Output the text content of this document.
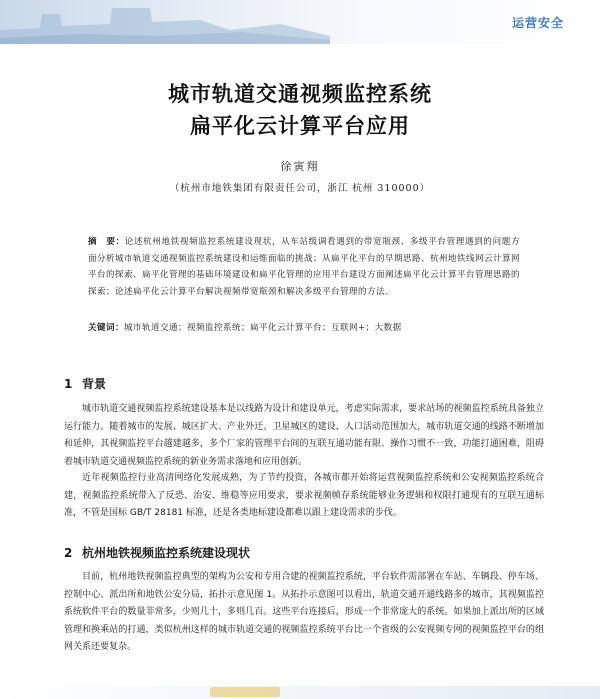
运营安全
城市轨道交通视频监控系统
扁平化云计算平台应用
徐寅翔
（杭州市地铁集团有限责任公司，浙江 杭州 310000）
摘　要：论述杭州地铁视频监控系统建设现状，从车站级调看遇到的带宽瓶颈、多级平台管理遇到的问题方面分析城市轨道交通视频监控系统建设和运维面临的挑战；从扁平化平台的早期思路、杭州地铁线网云计算网平台的探索、扁平化管理的基础环境建设和扁平化管理的应用平台建设方面阐述扁平化云计算平台管理思路的探索；论述扁平化云计算平台解决视频带宽瓶颈和解决多级平台管理的方法。
关键词：城市轨道交通；视频监控系统；扁平化云计算平台；互联网+；大数据
1 背景
城市轨道交通视频监控系统建设基本是以线路为设计和建设单元，考虑实际需求，要求站场的视频监控系统具备独立运行能力。随着城市的发展、城区扩大、产业外迁、卫星城区的建设，人口活动范围加大，城市轨道交通的线路不断增加和延伸，其视频监控平台越建越多，多个厂家的管理平台间的互联互通功能有限、操作习惯不一致，功能打通困难，阻碍着城市轨道交通视频监控系统的新业务需求落地和应用创新。
近年视频监控行业高清网络化发展成熟，为了节约投资，各城市都开始将运营视频监控系统和公安视频监控系统合建，视频监控系统带入了反恐、治安、维稳等应用要求，要求视频帧存系统能够业务逻辑和权限打通现有的互联互通标准，不管是国标 GB/T 28181 标准，还是各类地标建设都难以跟上建设需求的步伐。
2 杭州地铁视频监控系统建设现状
目前，杭州地铁视频监控典型的架构为公安和专用合建的视频监控系统，平台软件需部署在车站、车辆段、停车场、控制中心、派出所和地铁公安分局，拓扑示意见图 1。从拓扑示意图可以看出，轨道交通开通线路多的城市，其视频监控系统软件平台的数量非常多，少则几十，多则几百。这些平台连接后，形成一个非常庞大的系统。如果加上派出所的区域管理和换乘站的打通，类似杭州这样的城市轨道交通的视频监控系统平台比一个省级的公安视频专网的视频监控平台的组网关系还要复杂。
